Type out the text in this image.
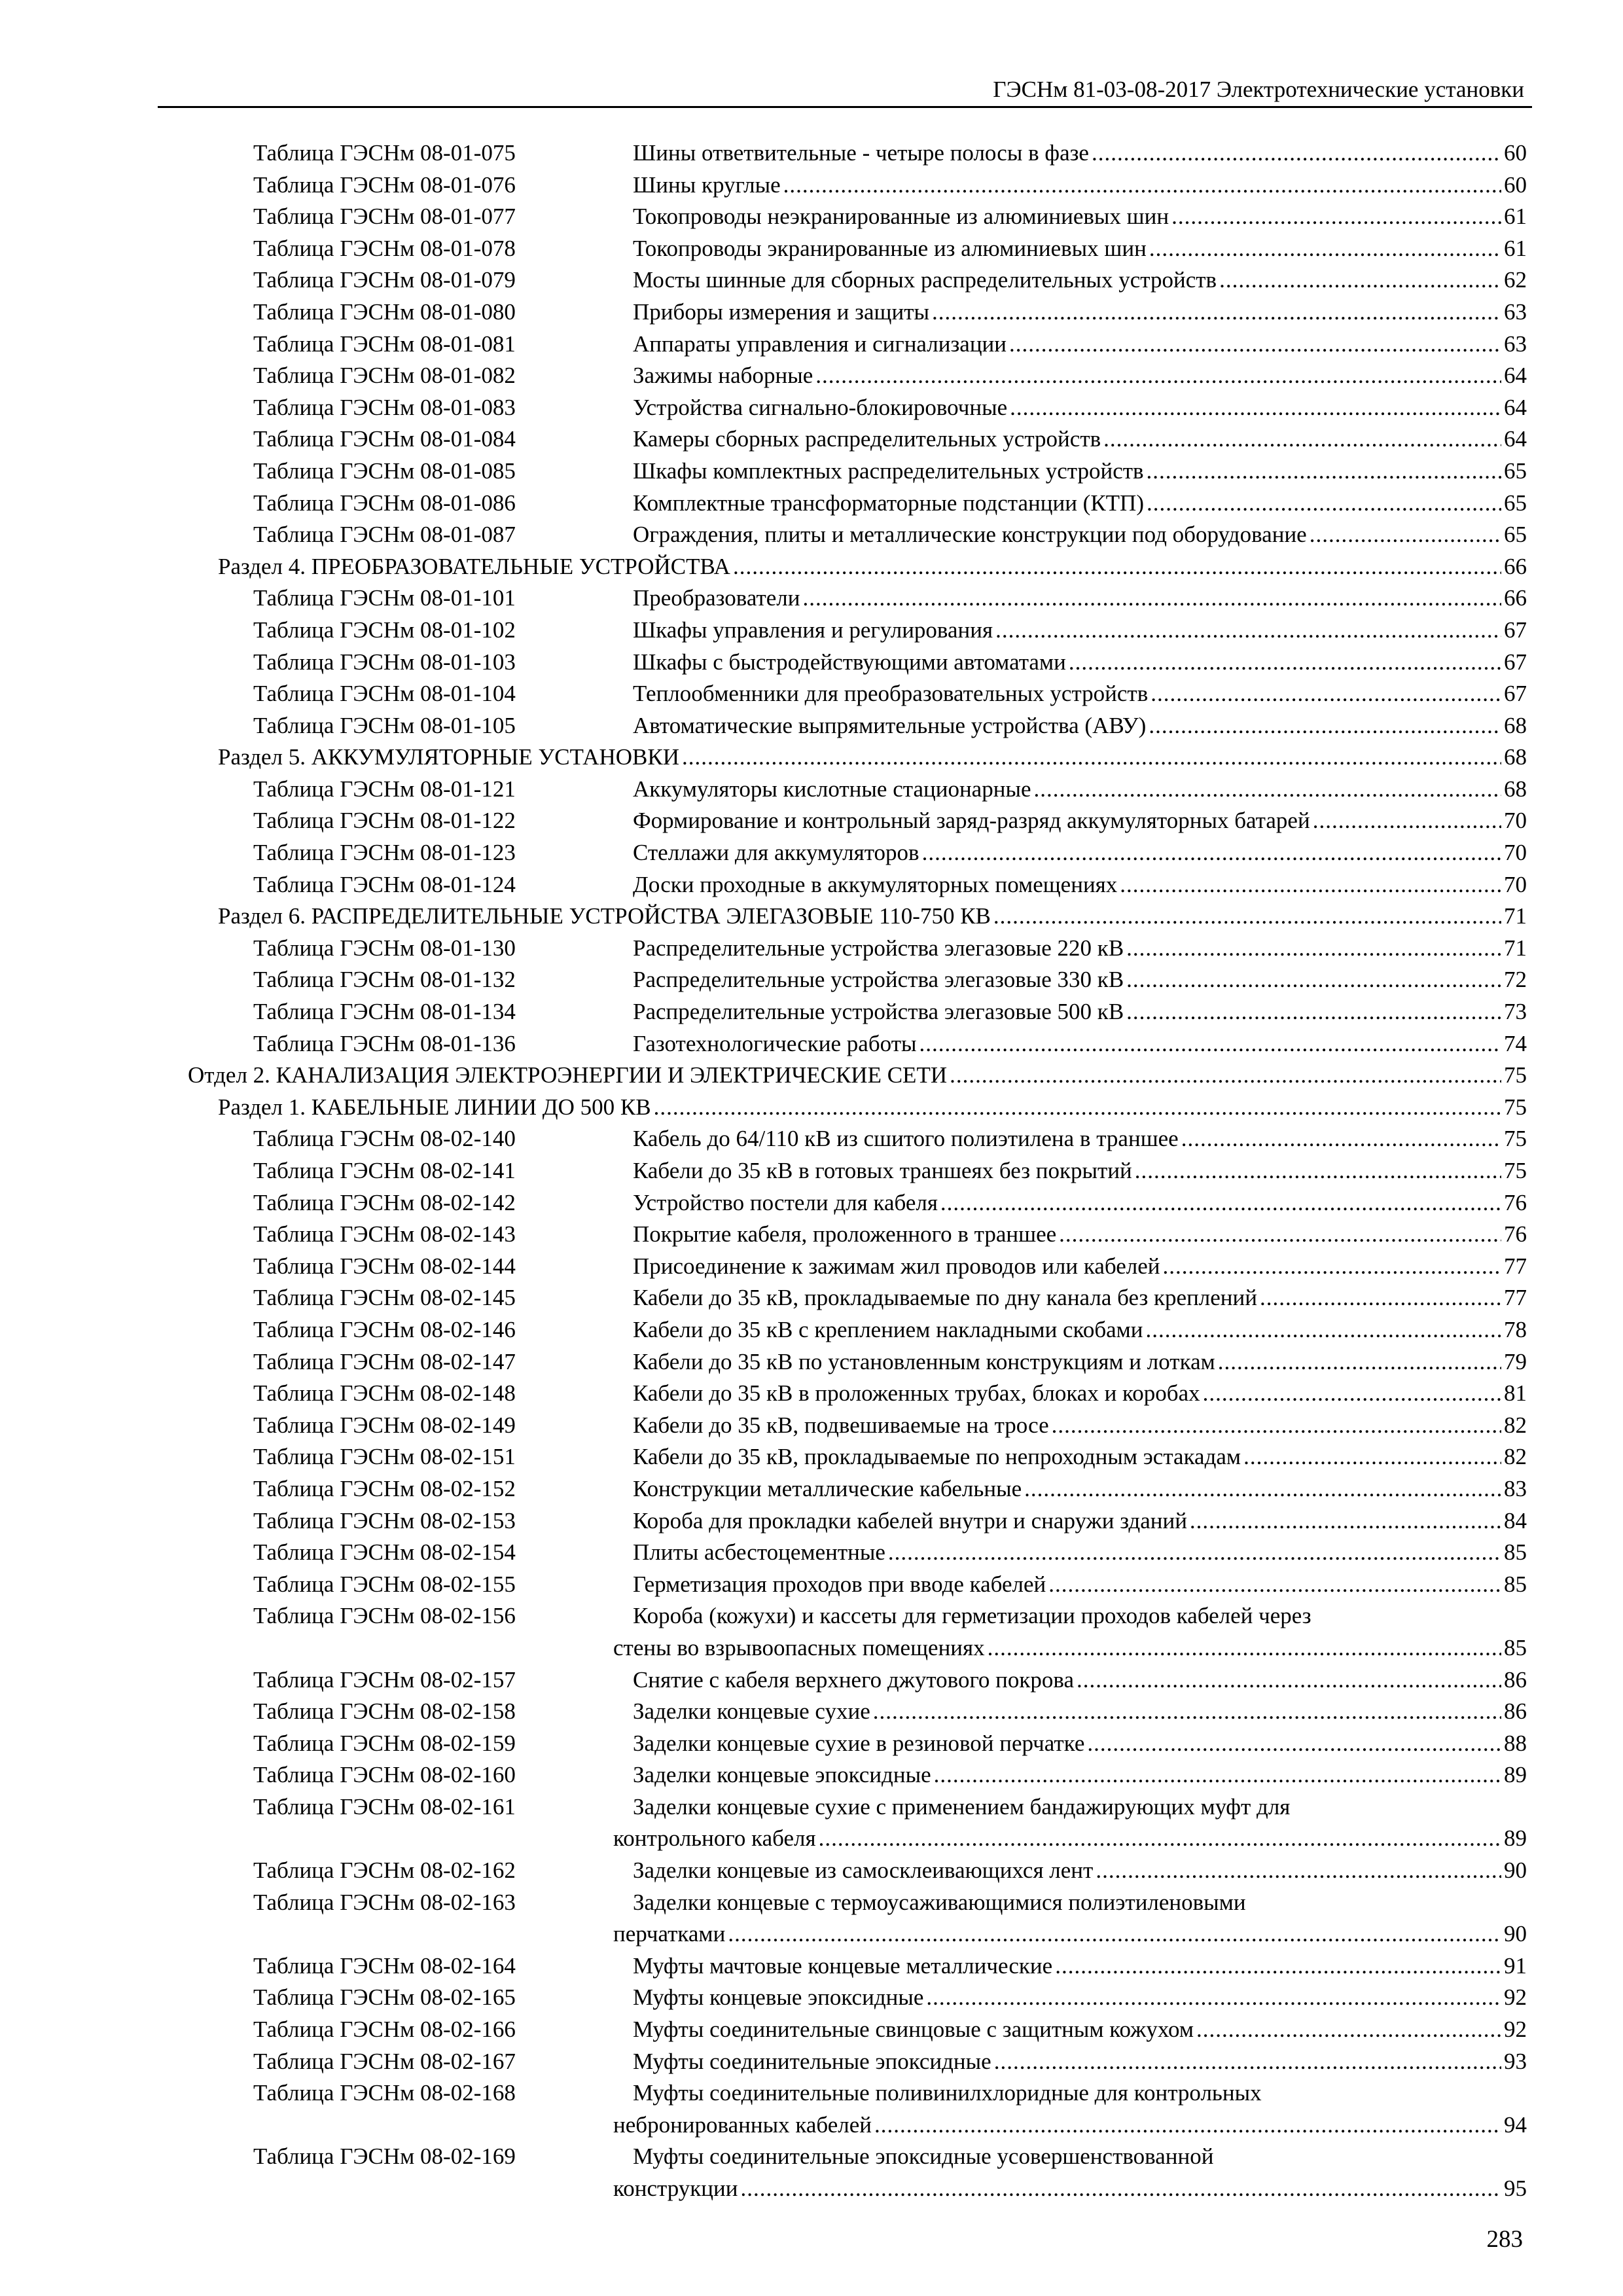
ГЭСНм 81-03-08-2017 Электротехнические установки
Таблица ГЭСНм 08-01-075	Шины ответвительные - четыре полосы в фазе .....	60
Таблица ГЭСНм 08-01-076	Шины круглые .....	60
Таблица ГЭСНм 08-01-077	Токопроводы неэкранированные из алюминиевых шин .....	61
Таблица ГЭСНм 08-01-078	Токопроводы экранированные из алюминиевых шин .....	61
Таблица ГЭСНм 08-01-079	Мосты шинные для сборных распределительных устройств .....	62
Таблица ГЭСНм 08-01-080	Приборы измерения и защиты .....	63
Таблица ГЭСНм 08-01-081	Аппараты управления и сигнализации .....	63
Таблица ГЭСНм 08-01-082	Зажимы наборные .....	64
Таблица ГЭСНм 08-01-083	Устройства сигнально-блокировочные .....	64
Таблица ГЭСНм 08-01-084	Камеры сборных распределительных устройств .....	64
Таблица ГЭСНм 08-01-085	Шкафы комплектных распределительных устройств .....	65
Таблица ГЭСНм 08-01-086	Комплектные трансформаторные подстанции (КТП) .....	65
Таблица ГЭСНм 08-01-087	Ограждения, плиты и металлические конструкции под оборудование .....	65
Раздел 4. ПРЕОБРАЗОВАТЕЛЬНЫЕ УСТРОЙСТВА .....	66
Таблица ГЭСНм 08-01-101	Преобразователи .....	66
Таблица ГЭСНм 08-01-102	Шкафы управления и регулирования .....	67
Таблица ГЭСНм 08-01-103	Шкафы с быстродействующими автоматами .....	67
Таблица ГЭСНм 08-01-104	Теплообменники для преобразовательных устройств .....	67
Таблица ГЭСНм 08-01-105	Автоматические выпрямительные устройства (АВУ) .....	68
Раздел 5. АККУМУЛЯТОРНЫЕ УСТАНОВКИ .....	68
Таблица ГЭСНм 08-01-121	Аккумуляторы кислотные стационарные .....	68
Таблица ГЭСНм 08-01-122	Формирование и контрольный заряд-разряд аккумуляторных батарей .....	70
Таблица ГЭСНм 08-01-123	Стеллажи для аккумуляторов .....	70
Таблица ГЭСНм 08-01-124	Доски проходные в аккумуляторных помещениях .....	70
Раздел 6. РАСПРЕДЕЛИТЕЛЬНЫЕ УСТРОЙСТВА ЭЛЕГАЗОВЫЕ 110-750 КВ .....	71
Таблица ГЭСНм 08-01-130	Распределительные устройства элегазовые 220 кВ .....	71
Таблица ГЭСНм 08-01-132	Распределительные устройства элегазовые 330 кВ .....	72
Таблица ГЭСНм 08-01-134	Распределительные устройства элегазовые 500 кВ .....	73
Таблица ГЭСНм 08-01-136	Газотехнологические работы .....	74
Отдел 2. КАНАЛИЗАЦИЯ ЭЛЕКТРОЭНЕРГИИ И ЭЛЕКТРИЧЕСКИЕ СЕТИ .....	75
Раздел 1. КАБЕЛЬНЫЕ ЛИНИИ ДО 500 КВ .....	75
Таблица ГЭСНм 08-02-140	Кабель до 64/110 кВ из сшитого полиэтилена в траншее .....	75
Таблица ГЭСНм 08-02-141	Кабели до 35 кВ в готовых траншеях без покрытий .....	75
Таблица ГЭСНм 08-02-142	Устройство постели для кабеля .....	76
Таблица ГЭСНм 08-02-143	Покрытие кабеля, проложенного в траншее .....	76
Таблица ГЭСНм 08-02-144	Присоединение к зажимам жил проводов или кабелей .....	77
Таблица ГЭСНм 08-02-145	Кабели до 35 кВ, прокладываемые по дну канала без креплений .....	77
Таблица ГЭСНм 08-02-146	Кабели до 35 кВ с креплением накладными скобами .....	78
Таблица ГЭСНм 08-02-147	Кабели до 35 кВ по установленным конструкциям и лоткам .....	79
Таблица ГЭСНм 08-02-148	Кабели до 35 кВ в проложенных трубах, блоках и коробах .....	81
Таблица ГЭСНм 08-02-149	Кабели до 35 кВ, подвешиваемые на тросе .....	82
Таблица ГЭСНм 08-02-151	Кабели до 35 кВ, прокладываемые по непроходным эстакадам .....	82
Таблица ГЭСНм 08-02-152	Конструкции металлические кабельные .....	83
Таблица ГЭСНм 08-02-153	Короба для прокладки кабелей внутри и снаружи зданий .....	84
Таблица ГЭСНм 08-02-154	Плиты асбестоцементные .....	85
Таблица ГЭСНм 08-02-155	Герметизация проходов при вводе кабелей .....	85
Таблица ГЭСНм 08-02-156	Короба (кожухи) и кассеты для герметизации проходов кабелей через
стены во взрывоопасных помещениях .....	85
Таблица ГЭСНм 08-02-157	Снятие с кабеля верхнего джутового покрова .....	86
Таблица ГЭСНм 08-02-158	Заделки концевые сухие .....	86
Таблица ГЭСНм 08-02-159	Заделки концевые сухие в резиновой перчатке .....	88
Таблица ГЭСНм 08-02-160	Заделки концевые эпоксидные .....	89
Таблица ГЭСНм 08-02-161	Заделки концевые сухие с применением бандажирующих муфт для
контрольного кабеля .....	89
Таблица ГЭСНм 08-02-162	Заделки концевые из самосклеивающихся лент .....	90
Таблица ГЭСНм 08-02-163	Заделки концевые с термоусаживающимися полиэтиленовыми
перчатками .....	90
Таблица ГЭСНм 08-02-164	Муфты мачтовые концевые металлические .....	91
Таблица ГЭСНм 08-02-165	Муфты концевые эпоксидные .....	92
Таблица ГЭСНм 08-02-166	Муфты соединительные свинцовые с защитным кожухом .....	92
Таблица ГЭСНм 08-02-167	Муфты соединительные эпоксидные .....	93
Таблица ГЭСНм 08-02-168	Муфты соединительные поливинилхлоридные для контрольных
небронированных кабелей .....	94
Таблица ГЭСНм 08-02-169	Муфты соединительные эпоксидные усовершенствованной
конструкции .....	95
283
